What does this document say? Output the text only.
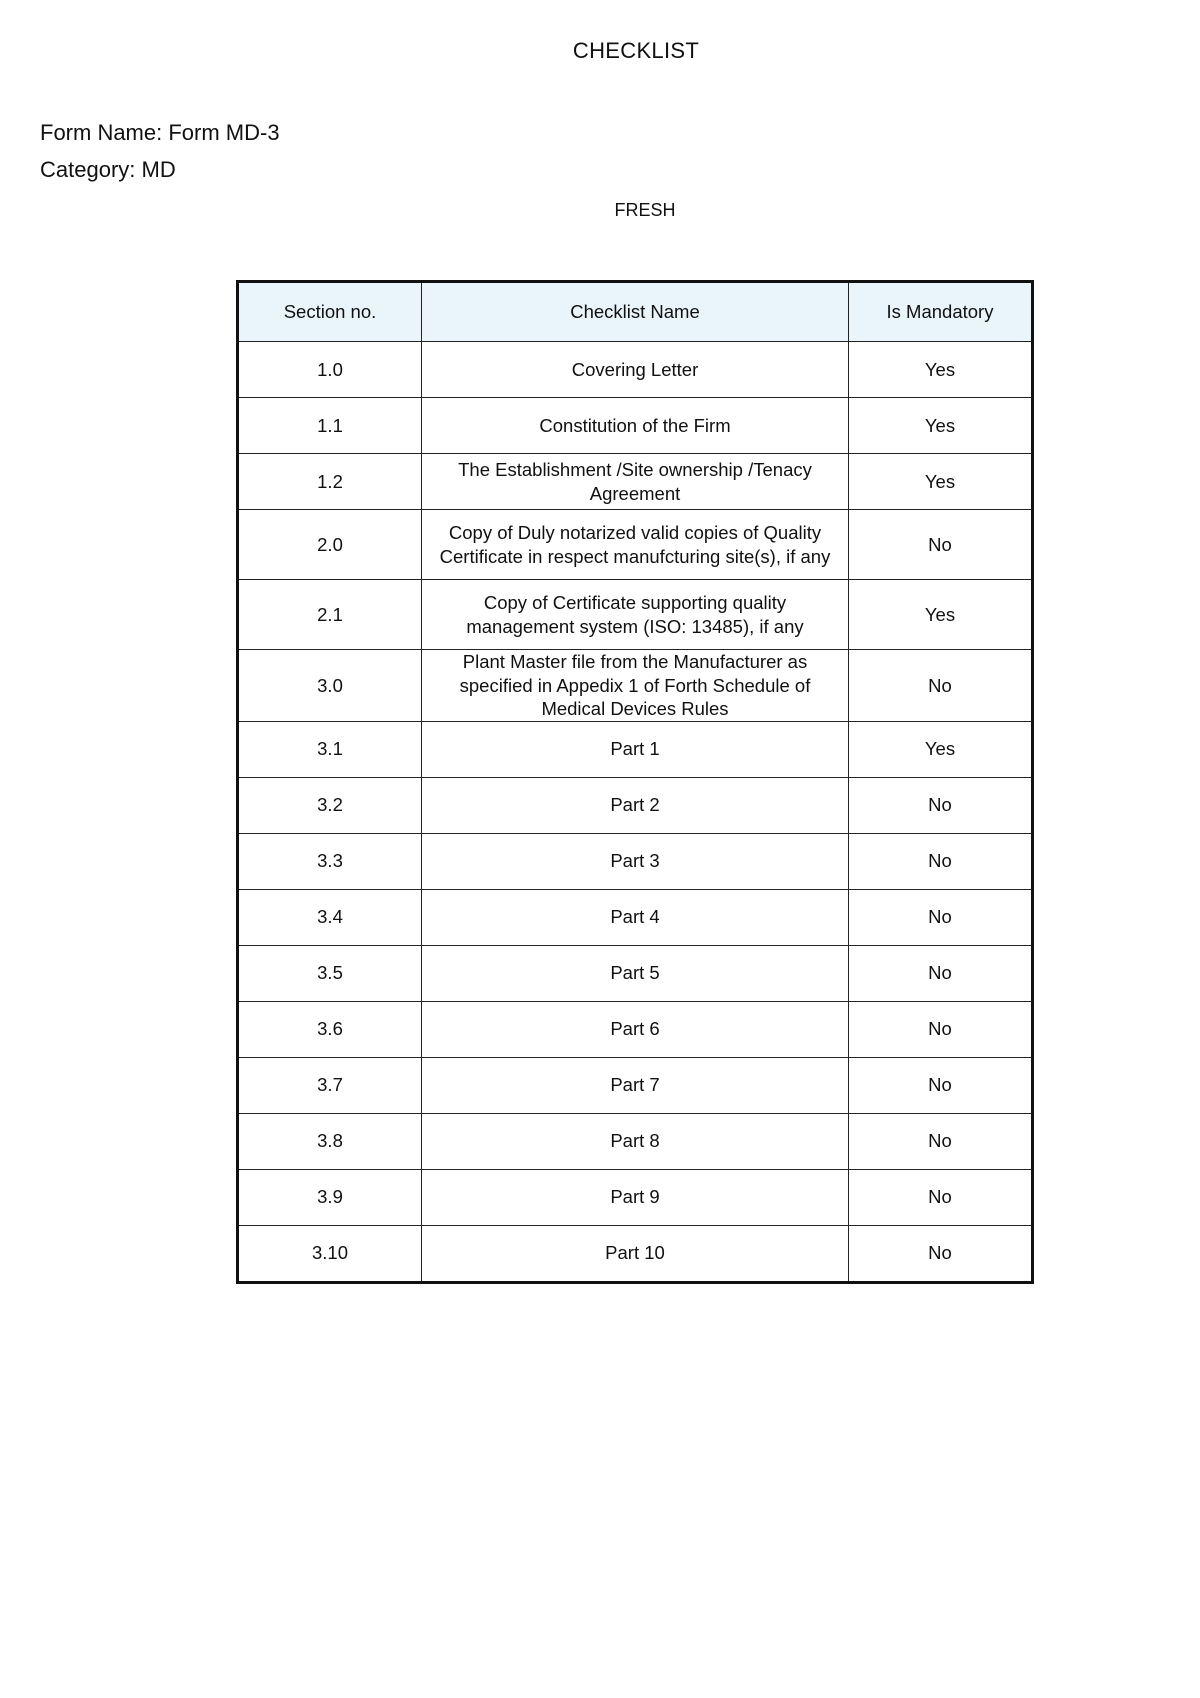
CHECKLIST
Form Name: Form MD-3
Category: MD
FRESH
Section no.	Checklist Name	Is Mandatory
1.0	Covering Letter	Yes
1.1	Constitution of the Firm	Yes
1.2	The Establishment /Site ownership /Tenacy Agreement	Yes
2.0	Copy of Duly notarized valid copies of Quality Certificate in respect manufcturing site(s), if any	No
2.1	Copy of Certificate supporting quality management system (ISO: 13485), if any	Yes
3.0	Plant Master file from the Manufacturer as specified in Appedix 1 of Forth Schedule of Medical Devices Rules	No
3.1	Part 1	Yes
3.2	Part 2	No
3.3	Part 3	No
3.4	Part 4	No
3.5	Part 5	No
3.6	Part 6	No
3.7	Part 7	No
3.8	Part 8	No
3.9	Part 9	No
3.10	Part 10	No
